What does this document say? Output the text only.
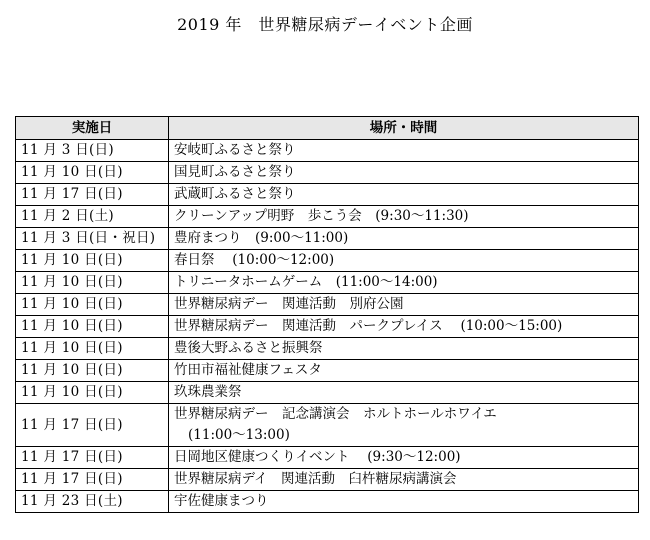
2019 年　世界糖尿病デーイベント企画
実施日	場所・時間
11 月 3 日(日)	安岐町ふるさと祭り

11 月 10 日(日)	国見町ふるさと祭り

11 月 17 日(日)	武蔵町ふるさと祭り

11 月 2 日(土)	クリーンアップ明野　歩こう会　(9:30～11:30)

11 月 3 日(日・祝日)	豊府まつり　(9:00～11:00)

11 月 10 日(日)	春日祭　 (10:00～12:00)

11 月 10 日(日)	トリニータホームゲーム　(11:00～14:00)

11 月 10 日(日)	世界糖尿病デー　関連活動　別府公園

11 月 10 日(日)	世界糖尿病デー　関連活動　パークプレイス　 (10:00～15:00)

11 月 10 日(日)	豊後大野ふるさと振興祭

11 月 10 日(日)	竹田市福祉健康フェスタ

11 月 10 日(日)	玖珠農業祭

11 月 17 日(日)	世界糖尿病デー　記念講演会　ホルトホールホワイエ
(11:00～13:00)

11 月 17 日(日)	日岡地区健康つくりイベント　 (9:30～12:00)

11 月 17 日(日)	世界糖尿病デイ　関連活動　臼杵糖尿病講演会

11 月 23 日(土)	宇佐健康まつり
